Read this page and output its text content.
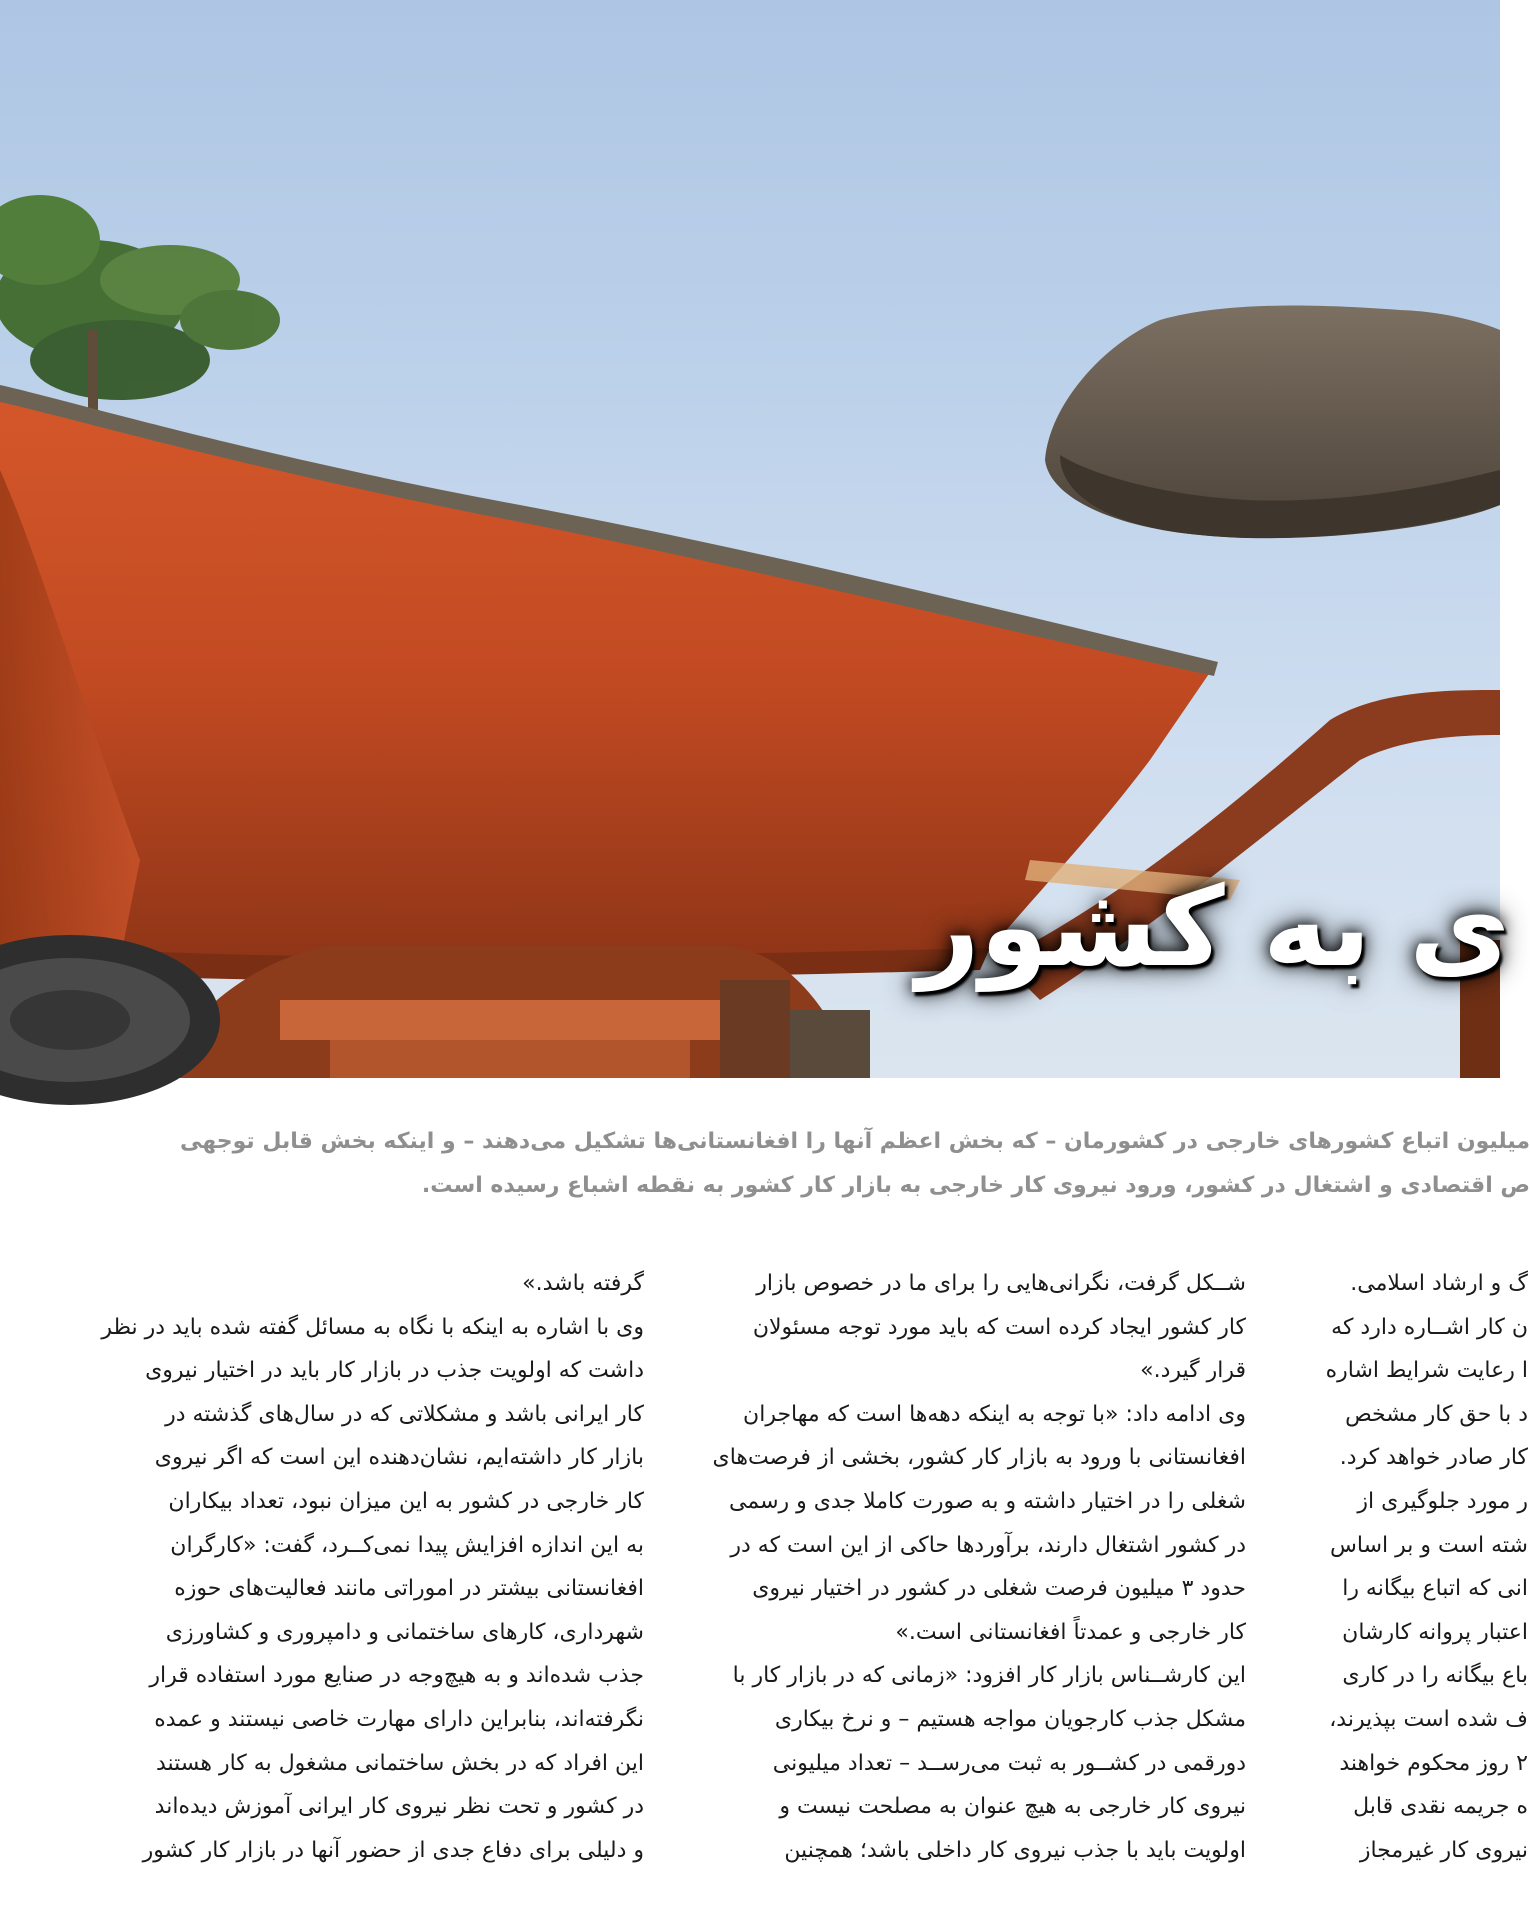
ی به کشور
میلیون اتباع کشورهای خارجی در کشورمان – که بخش اعظم آنها را افغانستانی‌ها تشکیل می‌دهند – و اینکه بخش قابل توجهی
ص اقتصادی و اشتغال در کشور، ورود نیروی کار خارجی به بازار کار کشور به نقطه اشباع رسیده است.
گ و ارشاد اسلامی.
ن کار اشــاره دارد که
ا رعایت شرایط اشاره
د با حق کار مشخص
کار صادر خواهد کرد.
ر مورد جلوگیری از
شته است و بر اساس
انی که اتباع بیگانه را
اعتبار پروانه کارشان
باع بیگانه را در کاری
ف شده است بپذیرند،
۲ روز محکوم خواهند
ه جریمه نقدی قابل
نیروی کار غیرمجاز
شــکل گرفت، نگرانی‌هایی را برای ما در خصوص بازار
کار کشور ایجاد کرده است که باید مورد توجه مسئولان
قرار گیرد.»
وی ادامه داد: «با توجه به اینکه دهه‌ها است که مهاجران
افغانستانی با ورود به بازار کار کشور، بخشی از فرصت‌های
شغلی را در اختیار داشته و به صورت کاملا جدی و رسمی
در کشور اشتغال دارند، برآوردها حاکی از این است که در
حدود ۳ میلیون فرصت شغلی در کشور در اختیار نیروی
کار خارجی و عمدتاً افغانستانی است.»
این کارشــناس بازار کار افزود: «زمانی که در بازار کار با
مشکل جذب کارجویان مواجه هستیم – و نرخ بیکاری
دورقمی در کشــور به ثبت می‌رســد – تعداد میلیونی
نیروی کار خارجی به هیچ عنوان به مصلحت نیست و
اولویت باید با جذب نیروی کار داخلی باشد؛ همچنین
گرفته باشد.»
وی با اشاره به اینکه با نگاه به مسائل گفته شده باید در نظر
داشت که اولویت جذب در بازار کار باید در اختیار نیروی
کار ایرانی باشد و مشکلاتی که در سال‌های گذشته در
بازار کار داشته‌ایم، نشان‌دهنده این است که اگر نیروی
کار خارجی در کشور به این میزان نبود، تعداد بیکاران
به این اندازه افزایش پیدا نمی‌کــرد، گفت: «کارگران
افغانستانی بیشتر در اموراتی مانند فعالیت‌های حوزه
شهرداری، کارهای ساختمانی و دامپروری و کشاورزی
جذب شده‌اند و به هیچ‌وجه در صنایع مورد استفاده قرار
نگرفته‌اند، بنابراین دارای مهارت خاصی نیستند و عمده
این افراد که در بخش ساختمانی مشغول به کار هستند
در کشور و تحت نظر نیروی کار ایرانی آموزش دیده‌اند
و دلیلی برای دفاع جدی از حضور آنها در بازار کار کشور
